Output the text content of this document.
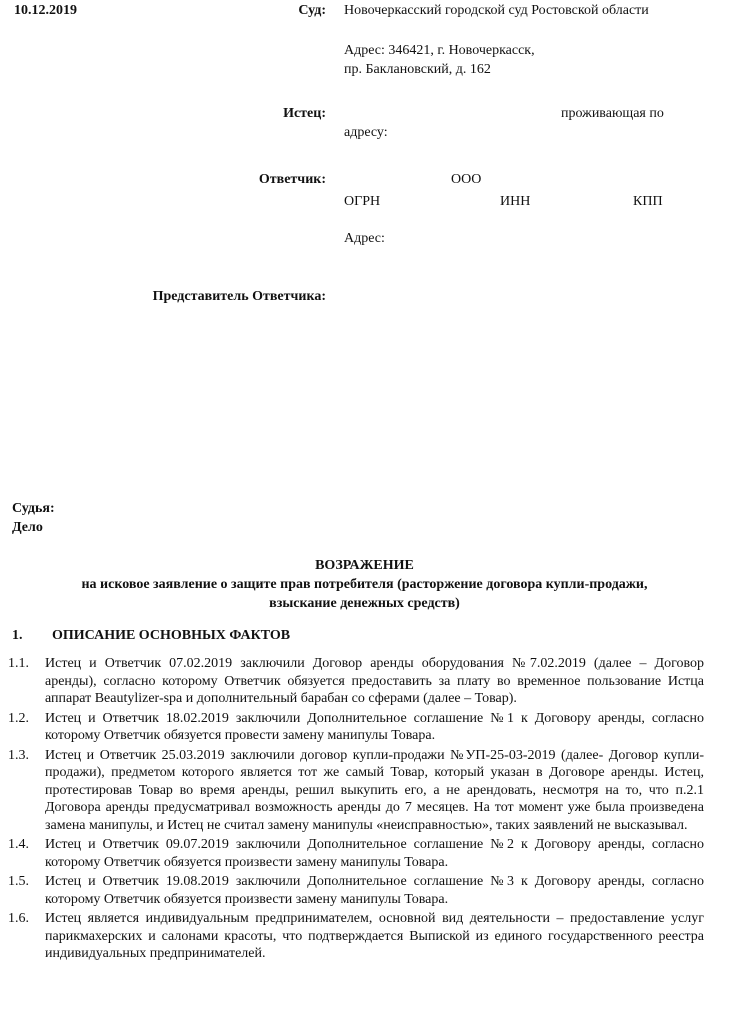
10.12.2019	Суд: Новочеркасский городской суд Ростовской области
Адрес: 346421, г. Новочеркасск,
пр. Баклановский, д. 162
Истец:	проживающая по
адресу:
Ответчик:	ООО
ОГРН	ИНН	КПП
Адрес:
Представитель Ответчика:
Судья:
Дело
ВОЗРАЖЕНИЕ
на исковое заявление о защите прав потребителя (расторжение договора купли-продажи,
взыскание денежных средств)
1. ОПИСАНИЕ ОСНОВНЫХ ФАКТОВ
1.1.	Истец и Ответчик 07.02.2019 заключили Договор аренды оборудования №7.02.2019 (далее – Договор аренды), согласно которому Ответчик обязуется предоставить за плату во временное пользование Истца аппарат Beautylizer-spa и дополнительный барабан со сферами (далее – Товар).
1.2.	Истец и Ответчик 18.02.2019 заключили Дополнительное соглашение №1 к Договору аренды, согласно которому Ответчик обязуется провести замену манипулы Товара.
1.3.	Истец и Ответчик 25.03.2019 заключили договор купли-продажи №УП-25-03-2019 (далее- Договор купли-продажи), предметом которого является тот же самый Товар, который указан в Договоре аренды. Истец, протестировав Товар во время аренды, решил выкупить его, а не арендовать, несмотря на то, что п.2.1 Договора аренды предусматривал возможность аренды до 7 месяцев. На тот момент уже была произведена замена манипулы, и Истец не считал замену манипулы «неисправностью», таких заявлений не высказывал.
1.4.	Истец и Ответчик 09.07.2019 заключили Дополнительное соглашение №2 к Договору аренды, согласно которому Ответчик обязуется произвести замену манипулы Товара.
1.5.	Истец и Ответчик 19.08.2019 заключили Дополнительное соглашение №3 к Договору аренды, согласно которому Ответчик обязуется произвести замену манипулы Товара.
1.6.	Истец является индивидуальным предпринимателем, основной вид деятельности – предоставление услуг парикмахерских и салонами красоты, что подтверждается Выпиской из единого государственного реестра индивидуальных предпринимателей.
